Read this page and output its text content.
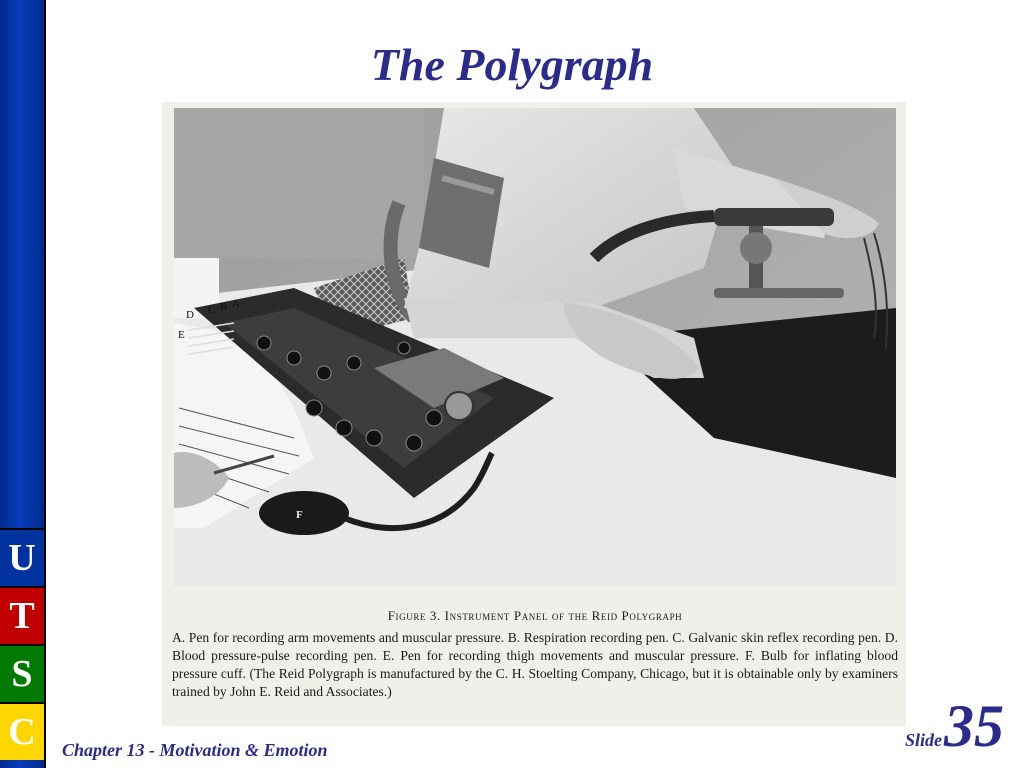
U
T
S
C
The Polygraph
D C B A
E
F

Figure 3. Instrument Panel of the Reid Polygraph

A. Pen for recording arm movements and muscular pressure. B. Respiration recording pen. C. Galvanic skin reflex recording pen. D. Blood pressure-pulse recording pen. E. Pen for recording thigh movements and muscular pressure. F. Bulb for inflating blood pressure cuff. (The Reid Polygraph is manufactured by the C. H. Stoelting Company, Chicago, but it is obtainable only by examiners trained by John E. Reid and Associates.)

Chapter 13 - Motivation & Emotion	Slide 35
